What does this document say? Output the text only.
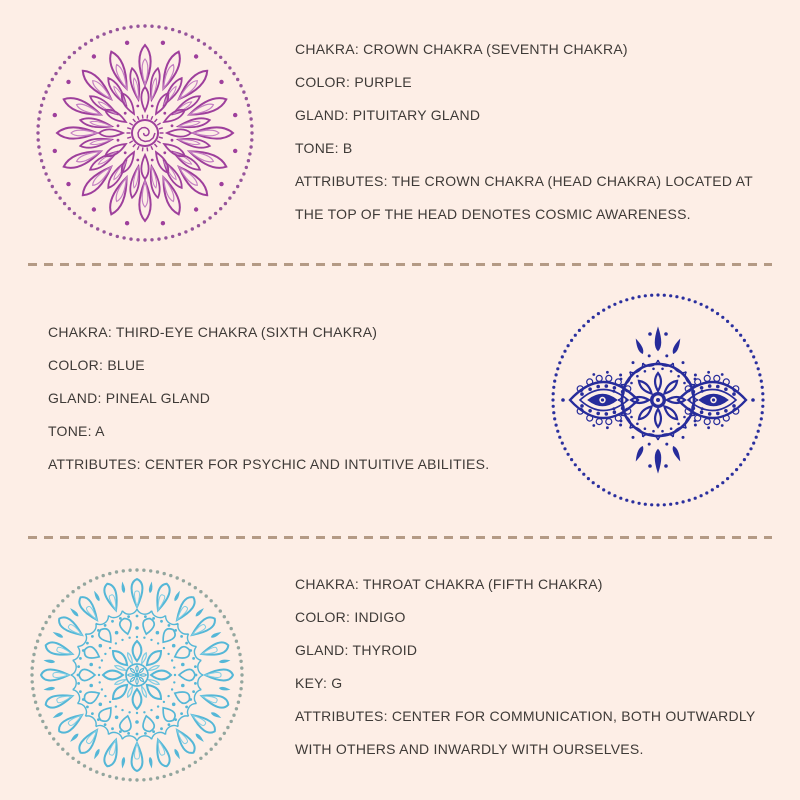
CHAKRA: CROWN CHAKRA (SEVENTH CHAKRA)

COLOR: PURPLE

GLAND: PITUITARY GLAND

TONE: B

ATTRIBUTES: THE CROWN CHAKRA (HEAD CHAKRA) LOCATED AT THE TOP OF THE HEAD DENOTES COSMIC AWARENESS.

CHAKRA: THIRD-EYE CHAKRA (SIXTH CHAKRA)

COLOR: BLUE

GLAND: PINEAL GLAND

TONE: A

ATTRIBUTES: CENTER FOR PSYCHIC AND INTUITIVE ABILITIES.

CHAKRA: THROAT CHAKRA (FIFTH CHAKRA)

COLOR: INDIGO

GLAND: THYROID

KEY: G

ATTRIBUTES: CENTER FOR COMMUNICATION, BOTH OUTWARDLY WITH OTHERS AND INWARDLY WITH OURSELVES.
